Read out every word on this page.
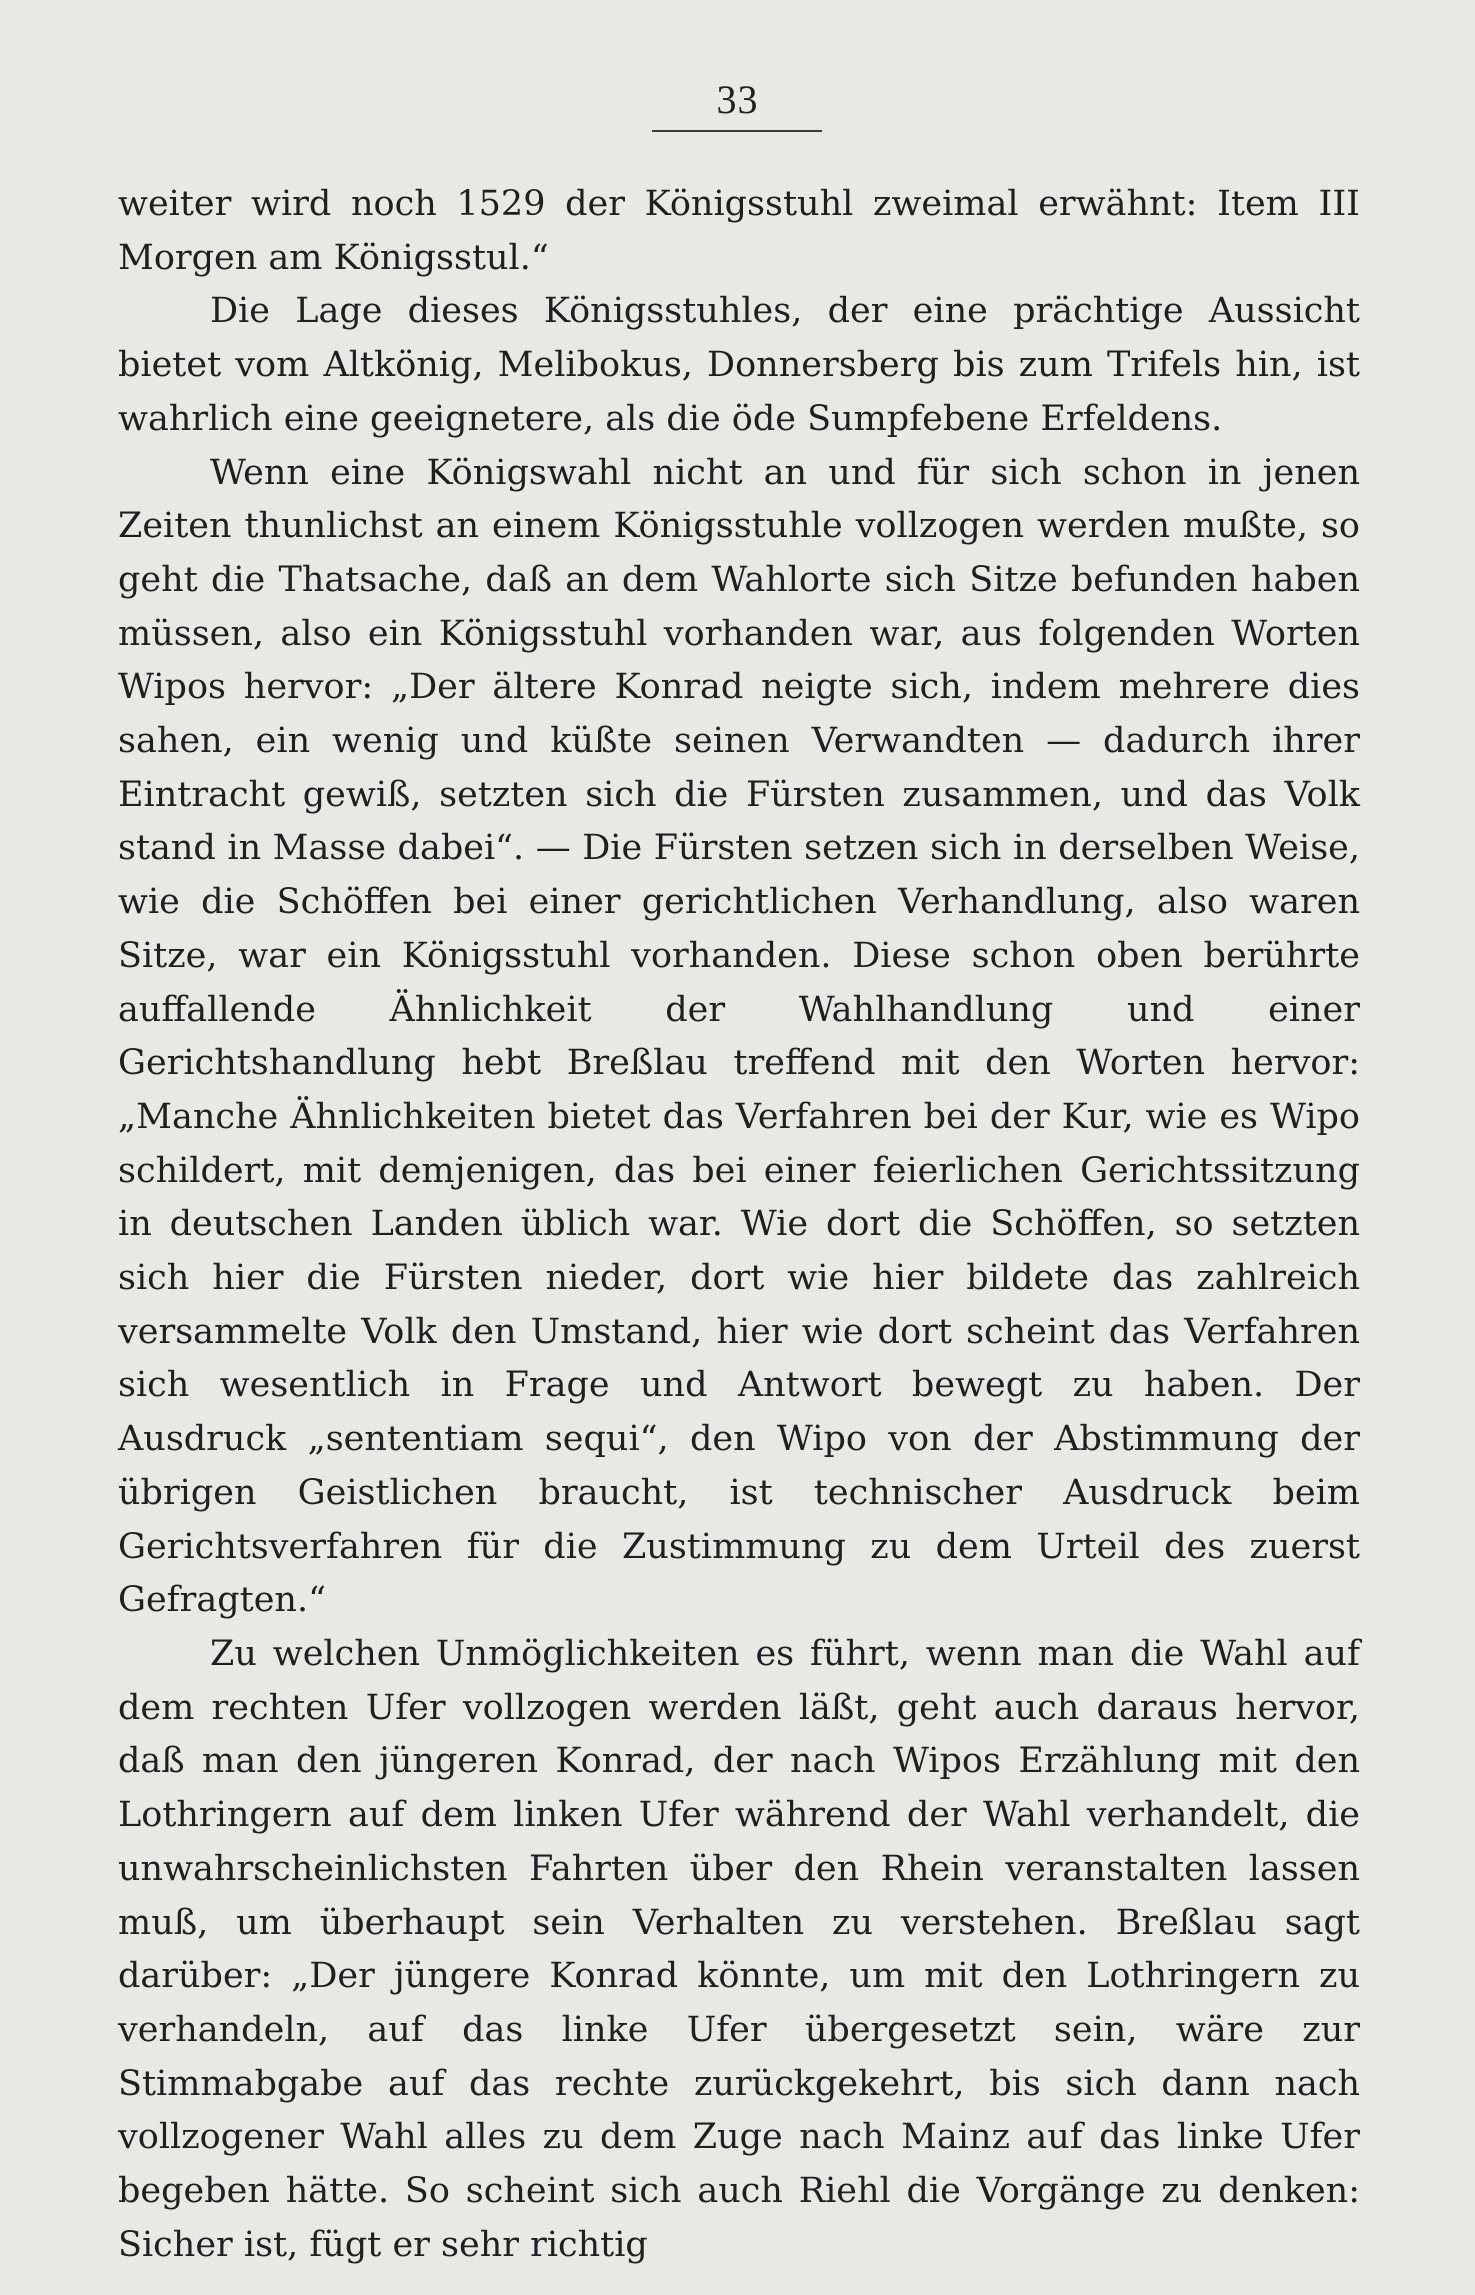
33

weiter wird noch 1529 der Königsstuhl zweimal erwähnt: Item III Morgen am Königsstul.“

Die Lage dieses Königsstuhles, der eine prächtige Aussicht bietet vom Altkönig, Melibokus, Donnersberg bis zum Trifels hin, ist wahrlich eine geeignetere, als die öde Sumpfebene Erfeldens.

Wenn eine Königswahl nicht an und für sich schon in jenen Zeiten thunlichst an einem Königsstuhle vollzogen werden mußte, so geht die Thatsache, daß an dem Wahlorte sich Sitze befunden haben müssen, also ein Königsstuhl vorhanden war, aus folgenden Worten Wipos hervor: „Der ältere Konrad neigte sich, indem mehrere dies sahen, ein wenig und küßte seinen Verwandten — dadurch ihrer Eintracht gewiß, setzten sich die Fürsten zusammen, und das Volk stand in Masse dabei“. — Die Fürsten setzen sich in derselben Weise, wie die Schöffen bei einer gerichtlichen Verhandlung, also waren Sitze, war ein Königsstuhl vorhanden. Diese schon oben berührte auffallende Ähnlichkeit der Wahlhandlung und einer Gerichtshandlung hebt Breßlau treffend mit den Worten hervor: „Manche Ähnlichkeiten bietet das Verfahren bei der Kur, wie es Wipo schildert, mit demjenigen, das bei einer feierlichen Gerichtssitzung in deutschen Landen üblich war. Wie dort die Schöffen, so setzten sich hier die Fürsten nieder, dort wie hier bildete das zahlreich versammelte Volk den Umstand, hier wie dort scheint das Verfahren sich wesentlich in Frage und Antwort bewegt zu haben. Der Ausdruck „sententiam sequi“, den Wipo von der Abstimmung der übrigen Geistlichen braucht, ist technischer Ausdruck beim Gerichtsverfahren für die Zustimmung zu dem Urteil des zuerst Gefragten.“

Zu welchen Unmöglichkeiten es führt, wenn man die Wahl auf dem rechten Ufer vollzogen werden läßt, geht auch daraus hervor, daß man den jüngeren Konrad, der nach Wipos Erzählung mit den Lothringern auf dem linken Ufer während der Wahl verhandelt, die unwahrscheinlichsten Fahrten über den Rhein veranstalten lassen muß, um überhaupt sein Verhalten zu verstehen. Breßlau sagt darüber: „Der jüngere Konrad könnte, um mit den Lothringern zu verhandeln, auf das linke Ufer übergesetzt sein, wäre zur Stimmabgabe auf das rechte zurückgekehrt, bis sich dann nach vollzogener Wahl alles zu dem Zuge nach Mainz auf das linke Ufer begeben hätte. So scheint sich auch Riehl die Vorgänge zu denken: Sicher ist, fügt er sehr richtig
